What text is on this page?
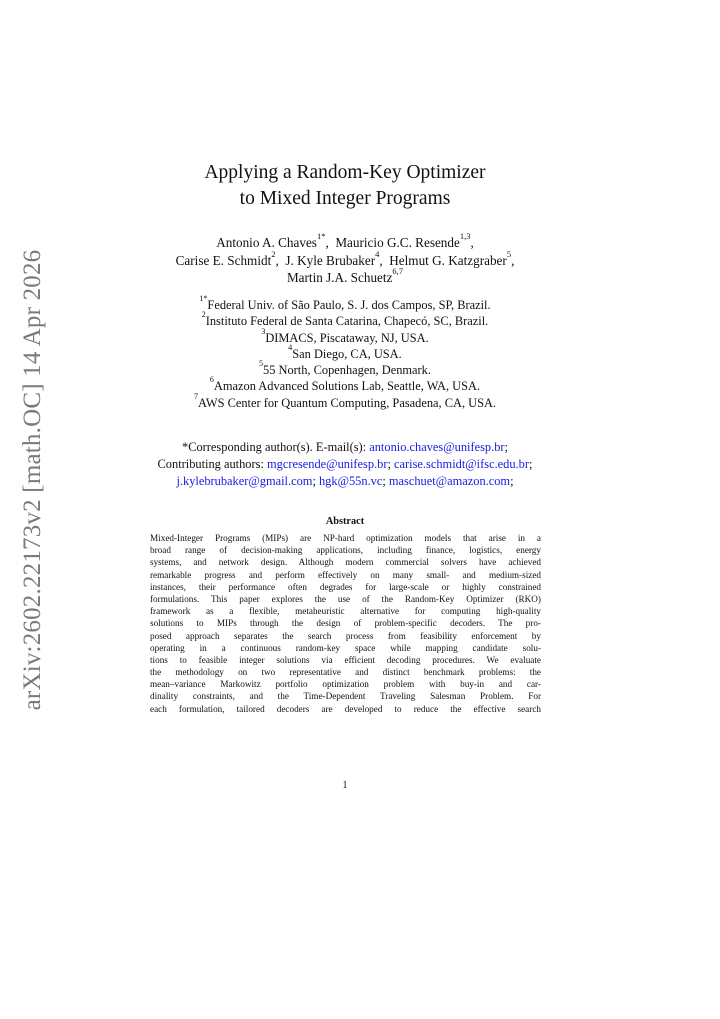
arXiv:2602.22173v2 [math.OC] 14 Apr 2026
Applying a Random-Key Optimizer
to Mixed Integer Programs
Antonio A. Chaves$^{1*}$,  Mauricio G.C. Resende$^{1,3}$,
Carise E. Schmidt$^2$,  J. Kyle Brubaker$^4$,  Helmut G. Katzgraber$^5$,
Martin J.A. Schuetz$^{6,7}$
$^{1*}$Federal Univ. of São Paulo, S. J. dos Campos, SP, Brazil.
$^2$Instituto Federal de Santa Catarina, Chapecó, SC, Brazil.
$^3$DIMACS, Piscataway, NJ, USA.
$^4$San Diego, CA, USA.
$^5$55 North, Copenhagen, Denmark.
$^6$Amazon Advanced Solutions Lab, Seattle, WA, USA.
$^7$AWS Center for Quantum Computing, Pasadena, CA, USA.
*Corresponding author(s). E-mail(s): antonio.chaves@unifesp.br;
Contributing authors: mgcresende@unifesp.br; carise.schmidt@ifsc.edu.br;
j.kylebrubaker@gmail.com; hgk@55n.vc; maschuet@amazon.com;
Abstract
Mixed-Integer Programs (MIPs) are NP-hard optimization models that arise in a
broad range of decision-making applications, including finance, logistics, energy
systems, and network design. Although modern commercial solvers have achieved
remarkable progress and perform effectively on many small- and medium-sized
instances, their performance often degrades for large-scale or highly constrained
formulations. This paper explores the use of the Random-Key Optimizer (RKO)
framework as a flexible, metaheuristic alternative for computing high-quality
solutions to MIPs through the design of problem-specific decoders. The pro-
posed approach separates the search process from feasibility enforcement by
operating in a continuous random-key space while mapping candidate solu-
tions to feasible integer solutions via efficient decoding procedures. We evaluate
the methodology on two representative and distinct benchmark problems: the
mean–variance Markowitz portfolio optimization problem with buy-in and car-
dinality constraints, and the Time-Dependent Traveling Salesman Problem. For
each formulation, tailored decoders are developed to reduce the effective search
1
